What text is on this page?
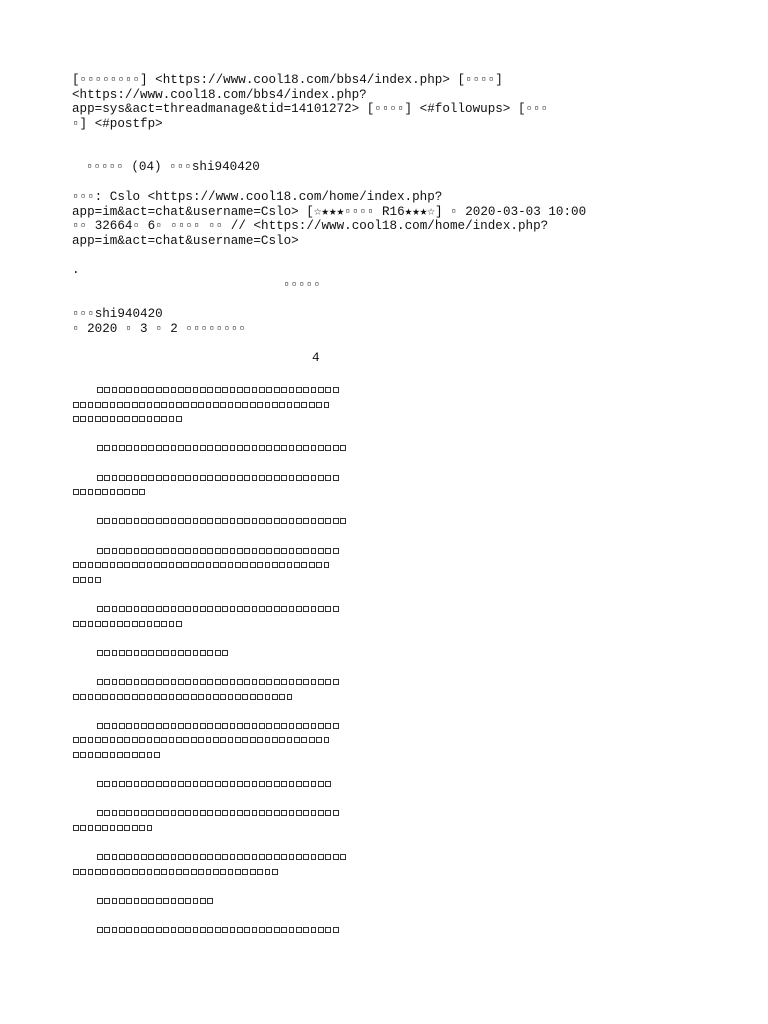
[▫▫▫▫▫▫▫▫] <https://www.cool18.com/bbs4/index.php> [▫▫▫▫]
<https://www.cool18.com/bbs4/index.php?
app=sys&act=threadmanage&tid=14101272> [▫▫▫▫] <#followups> [▫▫▫
▫] <#postfp>
▫▫▫▫▫ (04) ▫▫▫shi940420
▫▫▫: Cslo <https://www.cool18.com/home/index.php?
app=im&act=chat&username=Cslo> [☆★★★▫▫▫▫ R16★★★☆] ▫ 2020-03-03 10:00
▫▫ 32664▫ 6▫ ▫▫▫▫ ▫▫ // <https://www.cool18.com/home/index.php?
app=im&act=chat&username=Cslo>
.
▫▫▫▫▫
▫▫▫shi940420
▫ 2020 ▫ 3 ▫ 2 ▫▫▫▫▫▫▫▫
4
